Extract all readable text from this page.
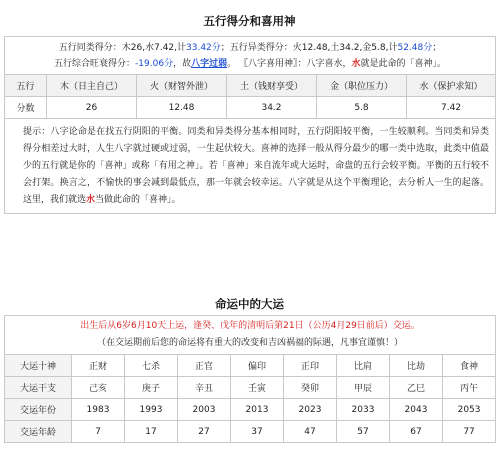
五行得分和喜用神
五行同类得分：木26,水7.42,计33.42分；五行异类得分：火12.48,土34.2,金5.8,计52.48分；
五行综合旺衰得分：-19.06分，故八字过弱。 〖八字喜用神〗：八字喜水，水就是此命的「喜神」。					

五行	木（日主自己）	火（财智外泄）	土（钱财享受）	金（职位压力）	水（保护求知）
分数	26	12.48	34.2	5.8	7.42
提示：八字论命是在找五行阴阳的平衡。同类和异类得分基本相同时，五行阴阳较平衡，一生较顺利。当同类和异类得分相差过大时，人生八字就过硬或过弱，一生起伏较大。喜神的选择一般从得分最少的哪一类中选取，此类中值最少的五行就是你的「喜神」或称「有用之神」。若「喜神」来自流年或大运时，命盘的五行会较平衡。平衡的五行较不会打架。换言之，不愉快的事会减到最低点，那一年就会较幸运。八字就是从这个平衡理论，去分析人一生的起落。这里，我们就选水当做此命的「喜神」。					
命运中的大运
出生后从6岁6月10天上运，逢癸、戊年的清明后第21日（公历4月29日前后）交运。
（在交运期前后您的命运将有重大的改变和吉凶祸福的际遇，凡事宜谨慎！）								

大运十神	正财	七杀	正官	偏印	正印	比肩	比劫	食神
大运干支	己亥	庚子	辛丑	壬寅	癸卯	甲辰	乙巳	丙午
交运年份	1983	1993	2003	2013	2023	2033	2043	2053
交运年龄	7	17	27	37	47	57	67	77
